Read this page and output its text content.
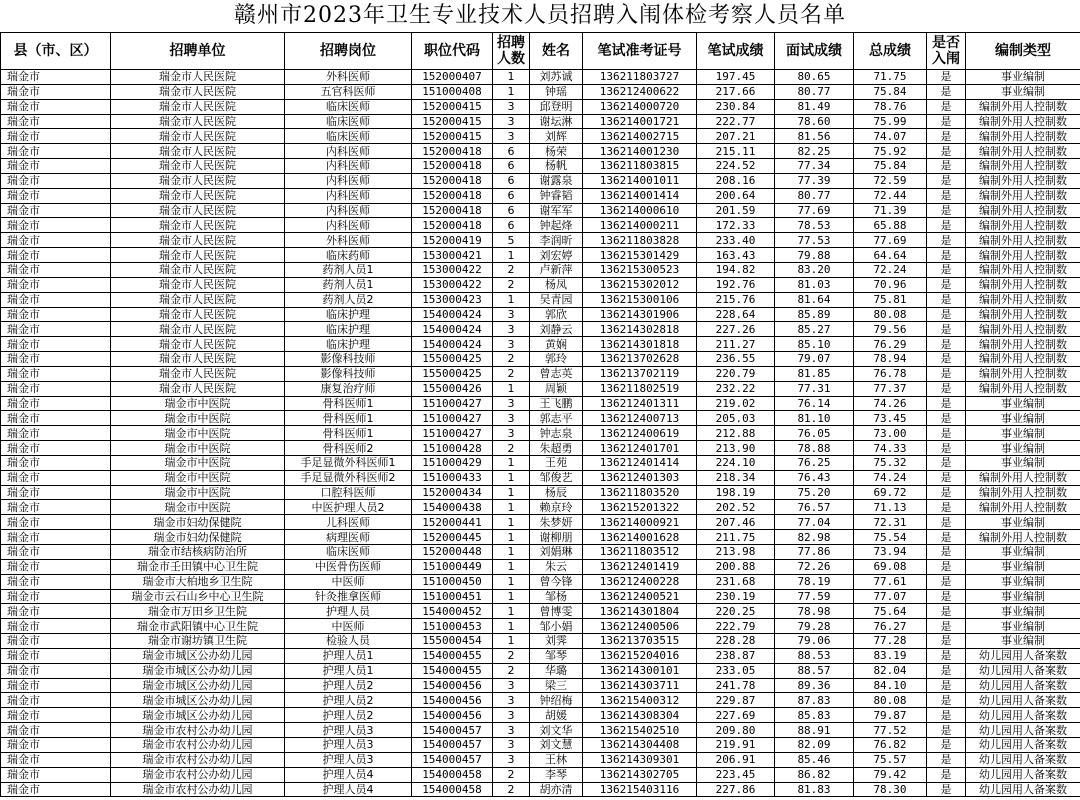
赣州市2023年卫生专业技术人员招聘入闱体检考察人员名单
县（市、区）	招聘单位	招聘岗位	职位代码	招聘人数	姓名	笔试准考证号	笔试成绩	面试成绩	总成绩	是否入闱	编制类型
瑞金市	瑞金市人民医院	外科医师	152000407	1	刘苏诚	136211803727	197.45	80.65	71.75	是	事业编制
瑞金市	瑞金市人民医院	五官科医师	151000408	1	钟瑶	136212400622	217.66	80.77	75.84	是	事业编制
瑞金市	瑞金市人民医院	临床医师	152000415	3	邱登明	136214000720	230.84	81.49	78.76	是	编制外用人控制数
瑞金市	瑞金市人民医院	临床医师	152000415	3	谢坛淋	136214001721	222.77	78.60	75.99	是	编制外用人控制数
瑞金市	瑞金市人民医院	临床医师	152000415	3	刘辉	136214002715	207.21	81.56	74.07	是	编制外用人控制数
瑞金市	瑞金市人民医院	内科医师	152000418	6	杨荣	136214001230	215.11	82.25	75.92	是	编制外用人控制数
瑞金市	瑞金市人民医院	内科医师	152000418	6	杨帆	136211803815	224.52	77.34	75.84	是	编制外用人控制数
瑞金市	瑞金市人民医院	内科医师	152000418	6	谢露泉	136214001011	208.16	77.39	72.59	是	编制外用人控制数
瑞金市	瑞金市人民医院	内科医师	152000418	6	钟睿韬	136214001414	200.64	80.77	72.44	是	编制外用人控制数
瑞金市	瑞金市人民医院	内科医师	152000418	6	谢军军	136214000610	201.59	77.69	71.39	是	编制外用人控制数
瑞金市	瑞金市人民医院	内科医师	152000418	6	钟起烽	136214000211	172.33	78.53	65.88	是	编制外用人控制数
瑞金市	瑞金市人民医院	外科医师	152000419	5	李润昕	136211803828	233.40	77.53	77.69	是	编制外用人控制数
瑞金市	瑞金市人民医院	临床药师	153000421	1	刘宏婷	136215301429	163.43	79.88	64.64	是	编制外用人控制数
瑞金市	瑞金市人民医院	药剂人员1	153000422	2	卢新萍	136215300523	194.82	83.20	72.24	是	编制外用人控制数
瑞金市	瑞金市人民医院	药剂人员1	153000422	2	杨凤	136215302012	192.76	81.03	70.96	是	编制外用人控制数
瑞金市	瑞金市人民医院	药剂人员2	153000423	1	吴青园	136215300106	215.76	81.64	75.81	是	编制外用人控制数
瑞金市	瑞金市人民医院	临床护理	154000424	3	郭欣	136214301906	228.64	85.89	80.08	是	编制外用人控制数
瑞金市	瑞金市人民医院	临床护理	154000424	3	刘静云	136214302818	227.26	85.27	79.56	是	编制外用人控制数
瑞金市	瑞金市人民医院	临床护理	154000424	3	黄娴	136214301818	211.27	85.10	76.29	是	编制外用人控制数
瑞金市	瑞金市人民医院	影像科技师	155000425	2	郭玲	136213702628	236.55	79.07	78.94	是	编制外用人控制数
瑞金市	瑞金市人民医院	影像科技师	155000425	2	曾志英	136213702119	220.79	81.85	76.78	是	编制外用人控制数
瑞金市	瑞金市人民医院	康复治疗师	155000426	1	周颖	136211802519	232.22	77.31	77.37	是	编制外用人控制数
瑞金市	瑞金市中医院	骨科医师1	151000427	3	王飞鹏	136212401311	219.02	76.14	74.26	是	事业编制
瑞金市	瑞金市中医院	骨科医师1	151000427	3	郭志平	136212400713	205.03	81.10	73.45	是	事业编制
瑞金市	瑞金市中医院	骨科医师1	151000427	3	钟志泉	136212400619	212.88	76.05	73.00	是	事业编制
瑞金市	瑞金市中医院	骨科医师2	151000428	2	朱超勇	136212401701	213.90	78.88	74.33	是	事业编制
瑞金市	瑞金市中医院	手足显微外科医师1	151000429	1	王苑	136212401414	224.10	76.25	75.32	是	事业编制
瑞金市	瑞金市中医院	手足显微外科医师2	151000433	1	邹俊艺	136212401303	218.34	76.43	74.24	是	编制外用人控制数
瑞金市	瑞金市中医院	口腔科医师	152000434	1	杨辰	136211803520	198.19	75.20	69.72	是	编制外用人控制数
瑞金市	瑞金市中医院	中医护理人员2	154000438	1	赖京玲	136215201322	202.52	76.57	71.13	是	编制外用人控制数
瑞金市	瑞金市妇幼保健院	儿科医师	152000441	1	朱梦妍	136214000921	207.46	77.04	72.31	是	事业编制
瑞金市	瑞金市妇幼保健院	病理医师	152000445	1	谢柳朋	136214001628	211.75	82.98	75.54	是	编制外用人控制数
瑞金市	瑞金市结核病防治所	临床医师	152000448	1	刘娟琳	136211803512	213.98	77.86	73.94	是	事业编制
瑞金市	瑞金市壬田镇中心卫生院	中医骨伤医师	151000449	1	朱云	136212401419	200.88	72.26	69.08	是	事业编制
瑞金市	瑞金市大柏地乡卫生院	中医师	151000450	1	曾今锋	136212400228	231.68	78.19	77.61	是	事业编制
瑞金市	瑞金市云石山乡中心卫生院	针灸推拿医师	151000451	1	邹杨	136212400521	230.19	77.59	77.07	是	事业编制
瑞金市	瑞金市万田乡卫生院	护理人员	154000452	1	曾博雯	136214301804	220.25	78.98	75.64	是	事业编制
瑞金市	瑞金市武阳镇中心卫生院	中医师	151000453	1	邹小娟	136212400506	222.79	79.28	76.27	是	事业编制
瑞金市	瑞金市谢坊镇卫生院	检验人员	155000454	1	刘霁	136213703515	228.28	79.06	77.28	是	事业编制
瑞金市	瑞金市城区公办幼儿园	护理人员1	154000455	2	邹琴	136215204016	238.87	88.53	83.19	是	幼儿园用人备案数
瑞金市	瑞金市城区公办幼儿园	护理人员1	154000455	2	华璐	136214300101	233.05	88.57	82.04	是	幼儿园用人备案数
瑞金市	瑞金市城区公办幼儿园	护理人员2	154000456	3	梁三	136214303711	241.78	89.36	84.10	是	幼儿园用人备案数
瑞金市	瑞金市城区公办幼儿园	护理人员2	154000456	3	钟绍梅	136215400312	229.87	87.83	80.08	是	幼儿园用人备案数
瑞金市	瑞金市城区公办幼儿园	护理人员2	154000456	3	胡媛	136214308304	227.69	85.83	79.87	是	幼儿园用人备案数
瑞金市	瑞金市农村公办幼儿园	护理人员3	154000457	3	刘文华	136215402510	209.80	88.91	77.52	是	幼儿园用人备案数
瑞金市	瑞金市农村公办幼儿园	护理人员3	154000457	3	刘文慧	136214304408	219.91	82.09	76.82	是	幼儿园用人备案数
瑞金市	瑞金市农村公办幼儿园	护理人员3	154000457	3	王林	136214309301	206.91	85.46	75.57	是	幼儿园用人备案数
瑞金市	瑞金市农村公办幼儿园	护理人员4	154000458	2	李琴	136214302705	223.45	86.82	79.42	是	幼儿园用人备案数
瑞金市	瑞金市农村公办幼儿园	护理人员4	154000458	2	胡亦清	136215403116	227.86	81.83	78.30	是	幼儿园用人备案数
